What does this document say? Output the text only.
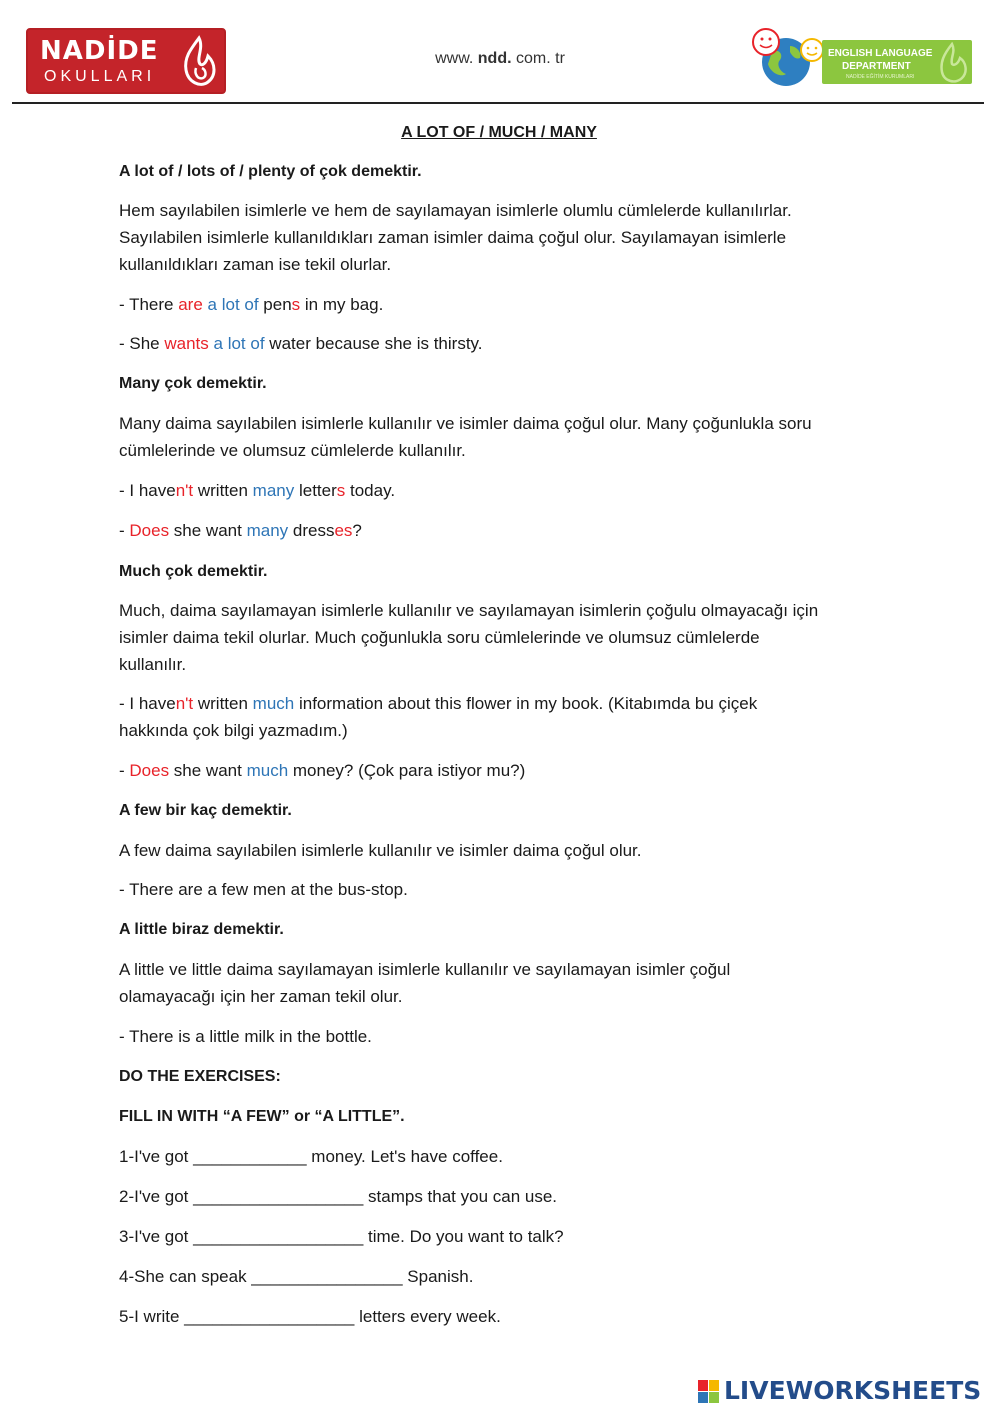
NADİDE
OKULLARI
www. ndd. com. tr	ENGLISH LANGUAGE
DEPARTMENT
NADİDE EĞİTİM KURUMLARI
A LOT OF / MUCH / MANY
A lot of / lots of / plenty of çok demektir.
Hem sayılabilen isimlerle ve hem de sayılamayan isimlerle olumlu cümlelerde kullanılırlar.
Sayılabilen isimlerle kullanıldıkları zaman isimler daima çoğul olur. Sayılamayan isimlerle
kullanıldıkları zaman ise tekil olurlar.
- There are a lot of pens in my bag.
- She wants a lot of water because she is thirsty.
Many çok demektir.
Many daima sayılabilen isimlerle kullanılır ve isimler daima çoğul olur. Many çoğunlukla soru
cümlelerinde ve olumsuz cümlelerde kullanılır.
- I haven't written many letters today.
- Does she want many dresses?
Much çok demektir.
Much, daima sayılamayan isimlerle kullanılır ve sayılamayan isimlerin çoğulu olmayacağı için
isimler daima tekil olurlar. Much çoğunlukla soru cümlelerinde ve olumsuz cümlelerde
kullanılır.
- I haven't written much information about this flower in my book. (Kitabımda bu çiçek
hakkında çok bilgi yazmadım.)
- Does she want much money? (Çok para istiyor mu?)
A few bir kaç demektir.
A few daima sayılabilen isimlerle kullanılır ve isimler daima çoğul olur.
- There are a few men at the bus-stop.
A little biraz demektir.
A little ve little daima sayılamayan isimlerle kullanılır ve sayılamayan isimler çoğul
olamayacağı için her zaman tekil olur.
- There is a little milk in the bottle.
DO THE EXERCISES:
FILL IN WITH “A FEW” or “A LITTLE”.
1-I've got ____________ money. Let's have coffee.
2-I've got __________________ stamps that you can use.
3-I've got __________________ time. Do you want to talk?
4-She can speak ________________ Spanish.
5-I write __________________ letters every week.
LIVEWORKSHEETS
